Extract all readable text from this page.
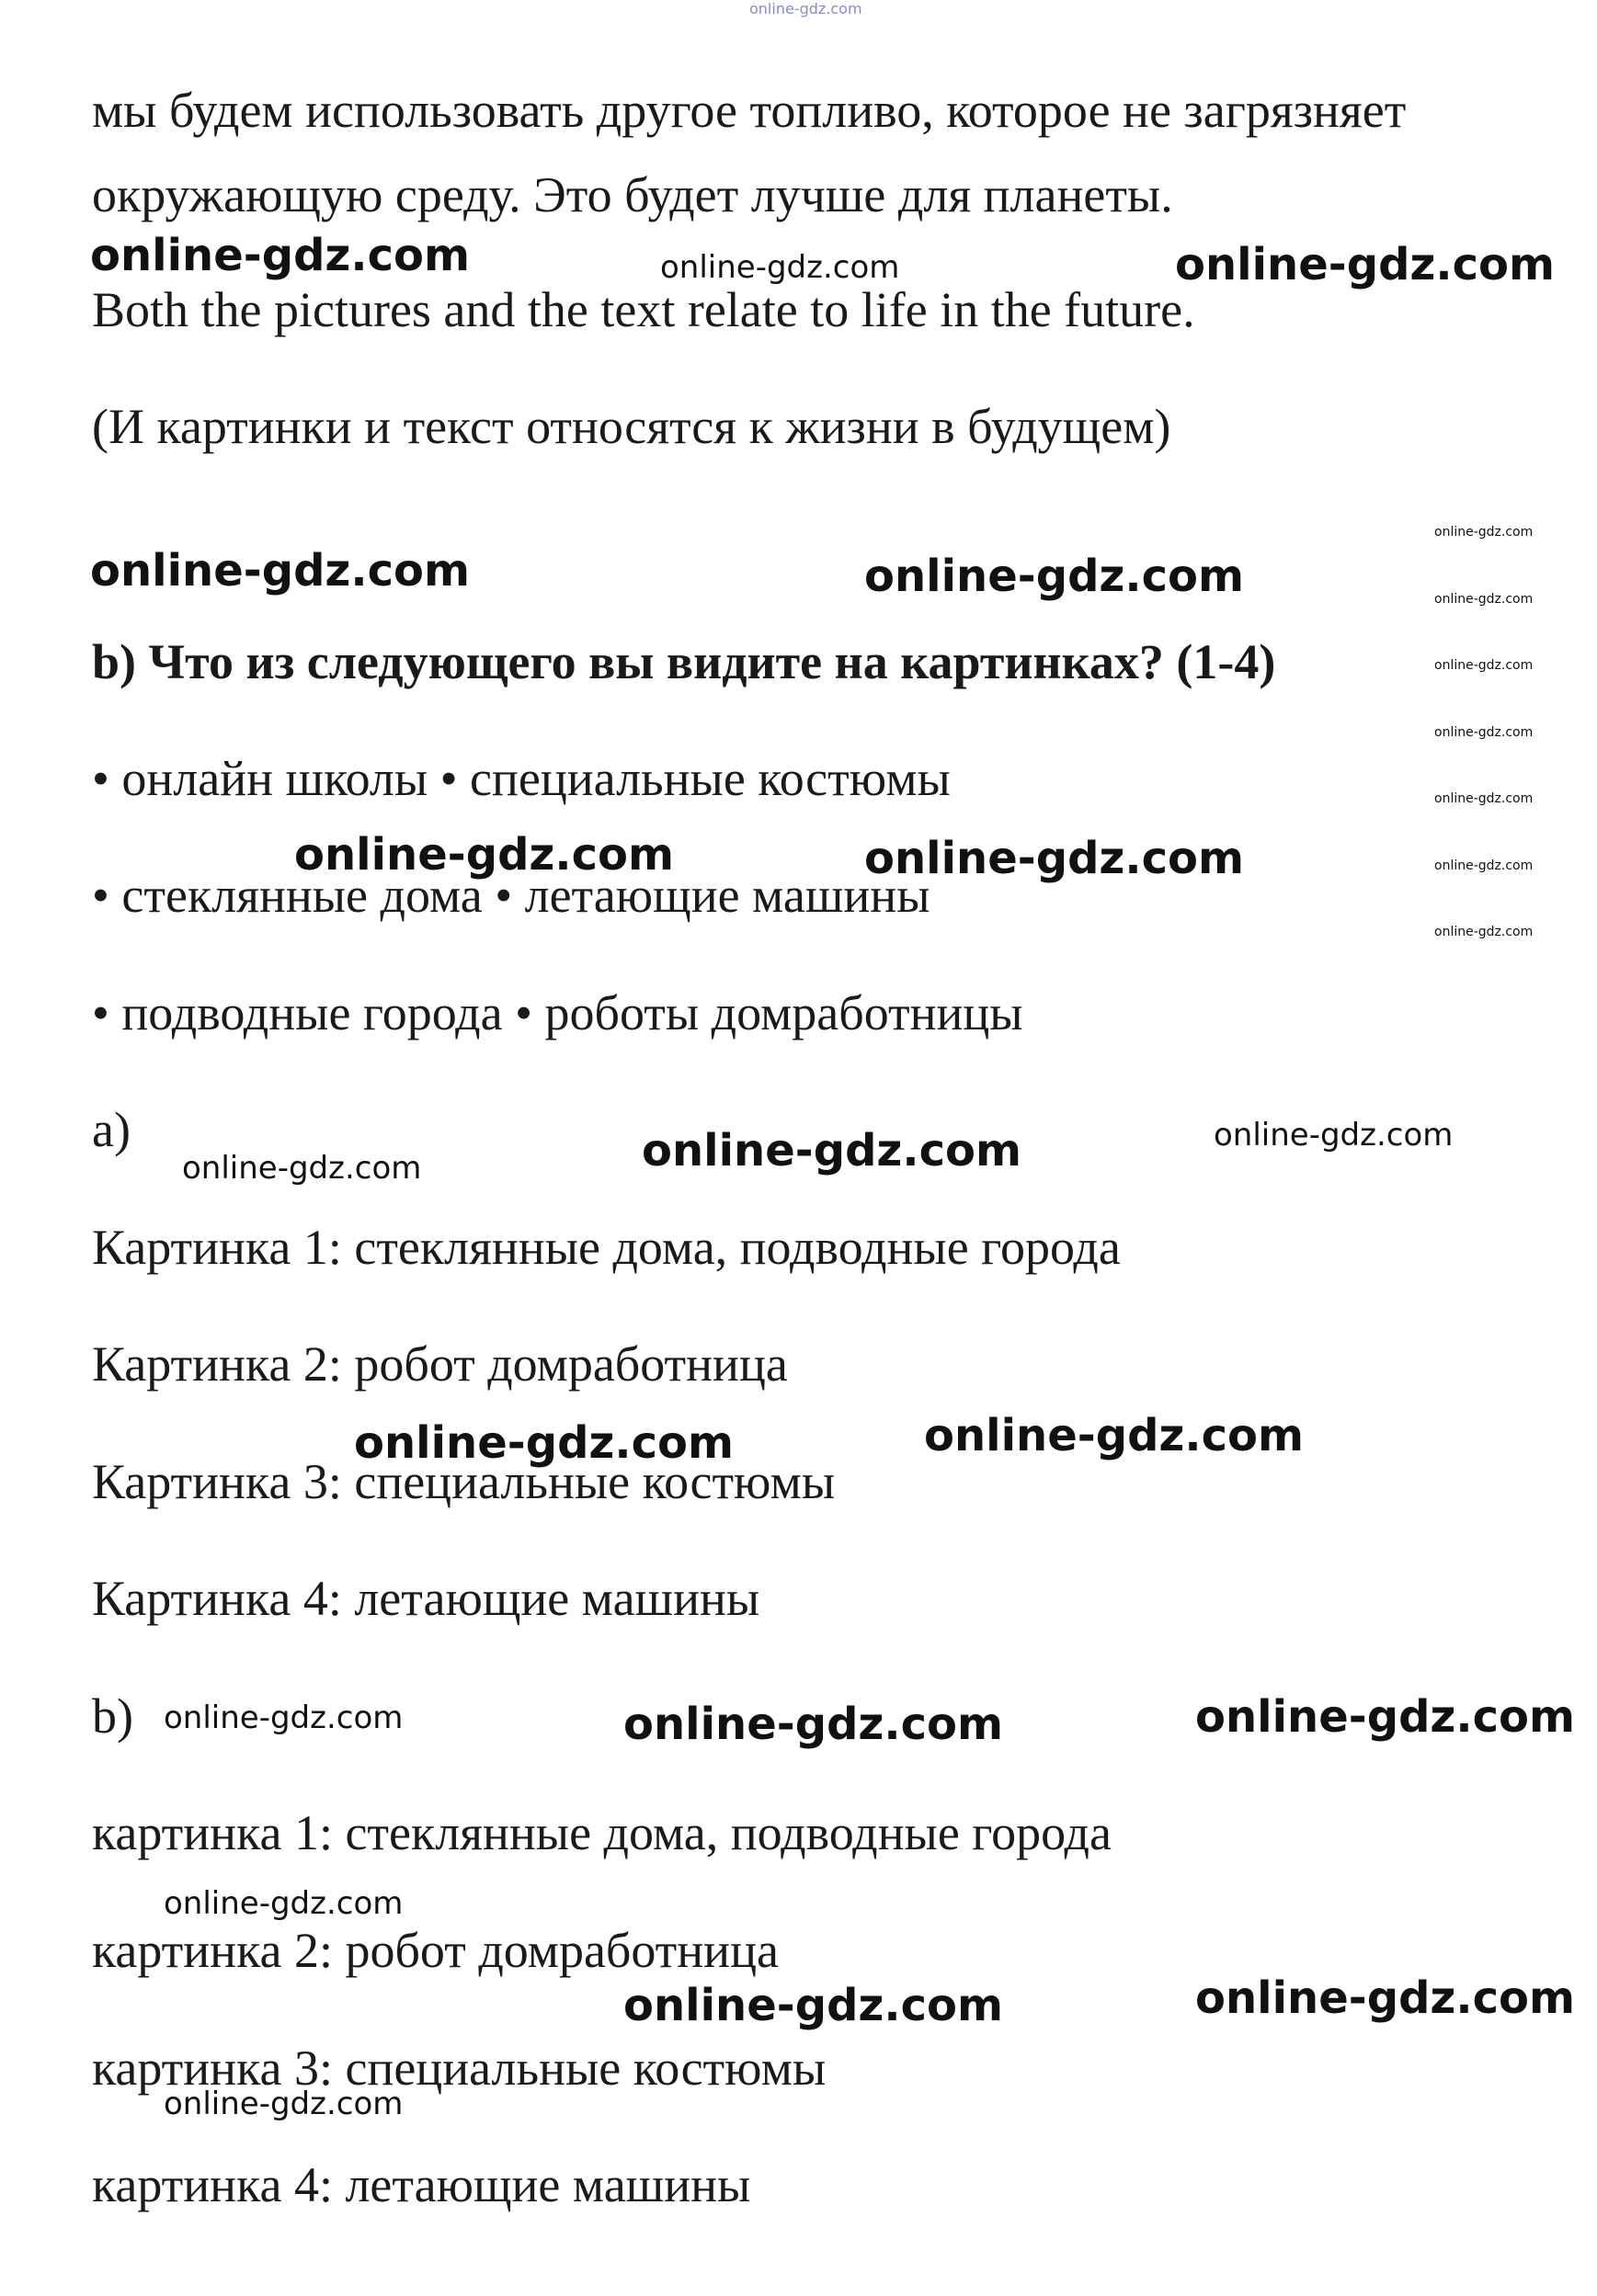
online-gdz.com

мы будем использовать другое топливо, которое не загрязняет

окружающую среду. Это будет лучше для планеты.

Both the pictures and the text relate to life in the future.

(И картинки и текст относятся к жизни в будущем)

b) Что из следующего вы видите на картинках? (1-4)

• онлайн школы • специальные костюмы

• стеклянные дома • летающие машины

• подводные города • роботы домработницы

a)

Картинка 1: стеклянные дома, подводные города

Картинка 2: робот домработница

Картинка 3: специальные костюмы

Картинка 4: летающие машины

b)

картинка 1: стеклянные дома, подводные города

картинка 2: робот домработница

картинка 3: специальные костюмы

картинка 4: летающие машины

online-gdz.com	online-gdz.com	online-gdz.com
online-gdz.com	online-gdz.com
online-gdz.com
online-gdz.com
online-gdz.com
online-gdz.com
online-gdz.com
online-gdz.com
online-gdz.com
online-gdz.com	online-gdz.com
online-gdz.com	online-gdz.com	online-gdz.com
online-gdz.com	online-gdz.com
online-gdz.com	online-gdz.com	online-gdz.com
online-gdz.com
online-gdz.com	online-gdz.com
online-gdz.com
